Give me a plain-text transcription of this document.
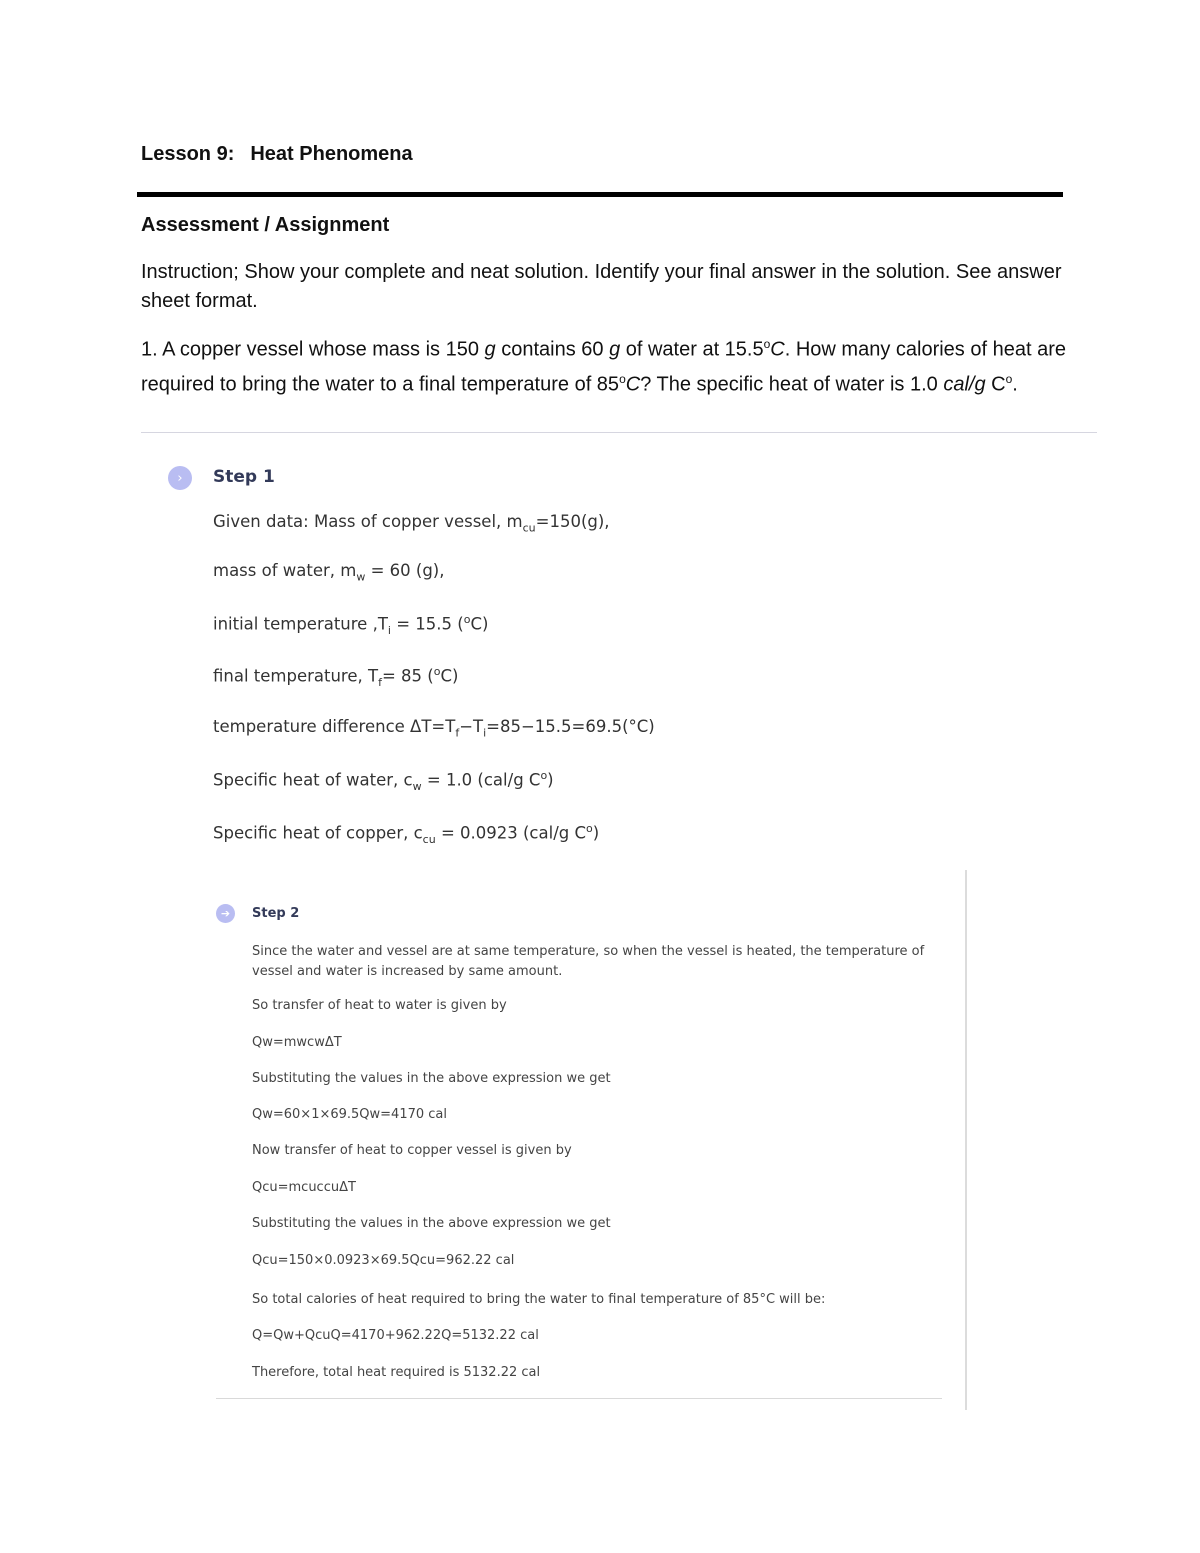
Lesson 9: Heat Phenomena
Assessment / Assignment
Instruction; Show your complete and neat solution. Identify your final answer in the solution. See answer sheet format.
1. A copper vessel whose mass is 150 g contains 60 g of water at 15.5$^o$C. How many calories of heat are required to bring the water to a final temperature of 85$^o$C? The specific heat of water is 1.0 cal/g $C^o$.
›	Step 1
Given data: Mass of copper vessel, $m_{cu}=150(g)$,
mass of water, $m_w = 60$ (g),
initial temperature $,T_i = 15.5$ ($^o$C)
final temperature, $T_f= 85$ ($^o$C)
temperature difference $\Delta T=T_f-T_i=85-15.5=69.5(^\circ C)$
Specific heat of water, $c_w = 1.0$ (cal/g $C^o$)
Specific heat of copper, $c_{cu} = 0.0923$ (cal/g $C^o$)
➔	Step 2
Since the water and vessel are at same temperature, so when the vessel is heated, the temperature of vessel and water is increased by same amount.
So transfer of heat to water is given by
Qw=mwcwΔT
Substituting the values in the above expression we get
Qw=60×1×69.5Qw=4170 cal
Now transfer of heat to copper vessel is given by
Qcu=mcuccuΔT
Substituting the values in the above expression we get
Qcu=150×0.0923×69.5Qcu=962.22 cal
So total calories of heat required to bring the water to final temperature of 85°C will be:
Q=Qw+QcuQ=4170+962.22Q=5132.22 cal
Therefore, total heat required is 5132.22 cal
